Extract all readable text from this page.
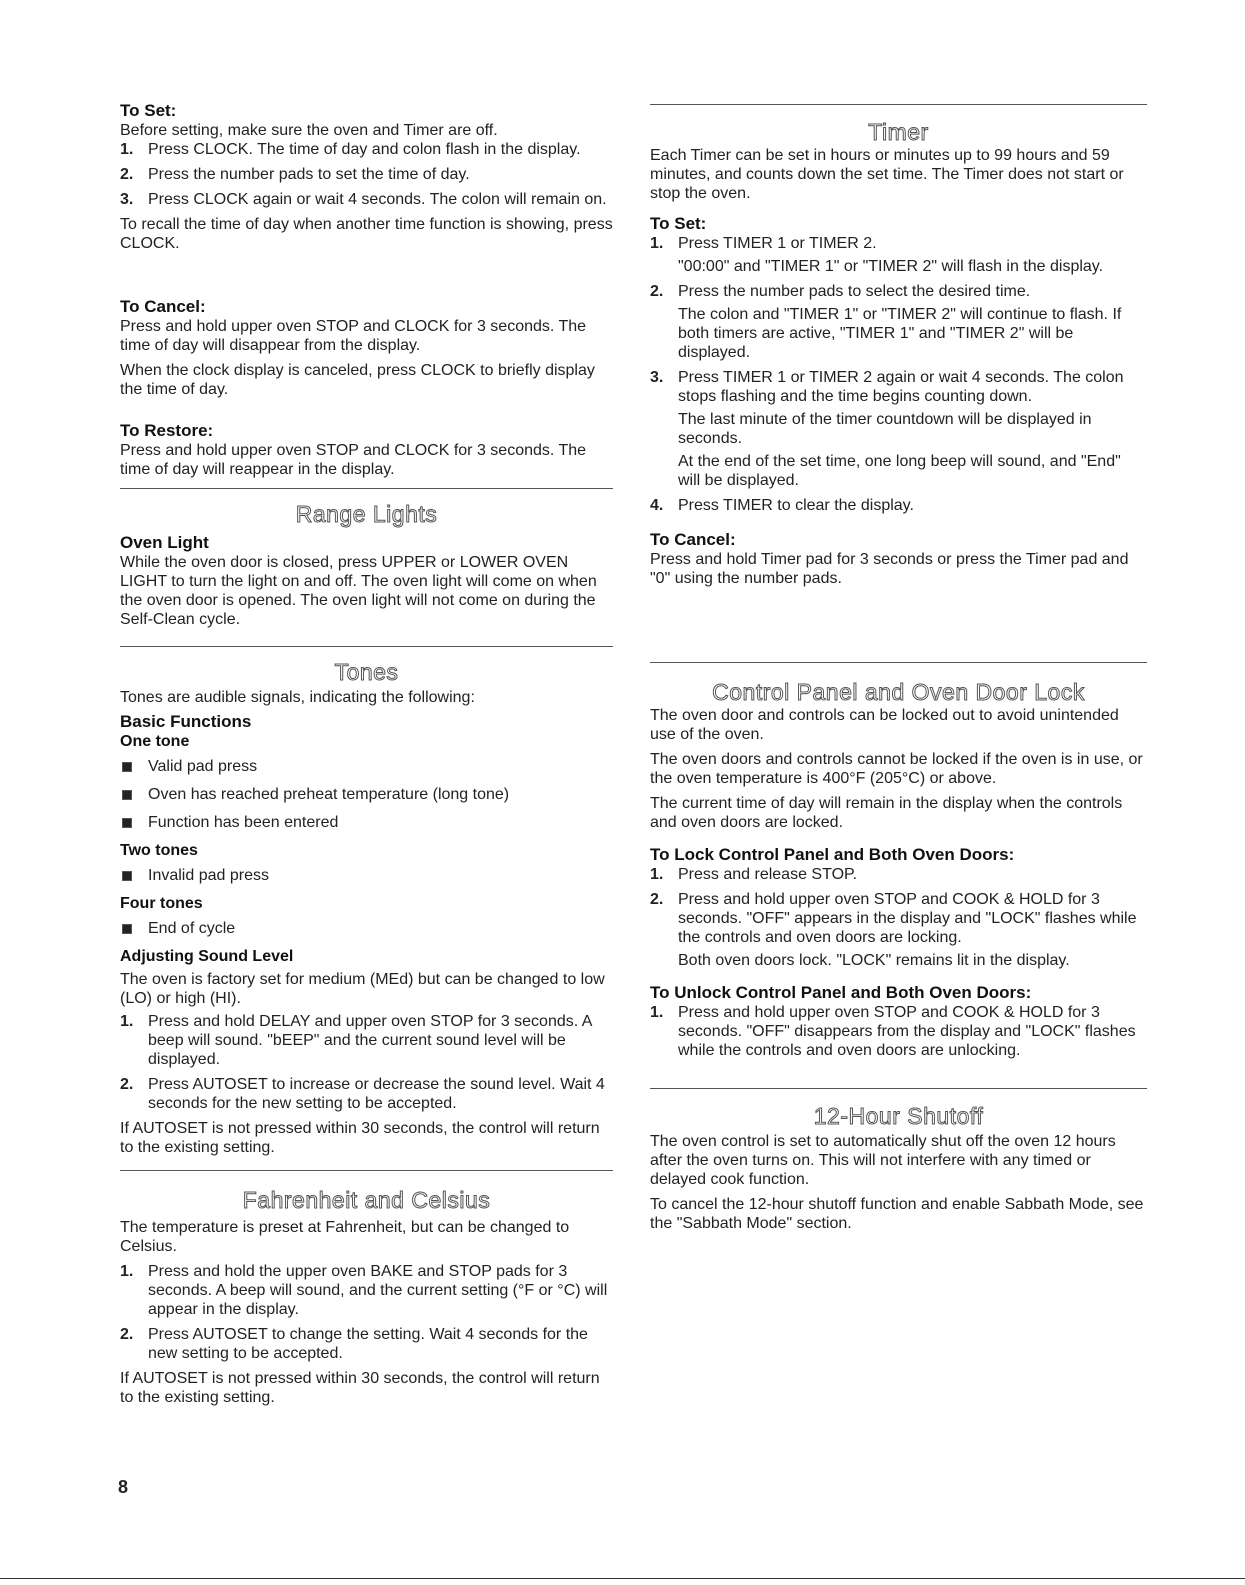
To Set:

Before setting, make sure the oven and Timer are off.

1. Press CLOCK. The time of day and colon flash in the display.
2. Press the number pads to set the time of day.
3. Press CLOCK again or wait 4 seconds. The colon will remain on.

To recall the time of day when another time function is showing, press CLOCK.

To Cancel:

Press and hold upper oven STOP and CLOCK for 3 seconds. The time of day will disappear from the display.

When the clock display is canceled, press CLOCK to briefly display the time of day.

To Restore:

Press and hold upper oven STOP and CLOCK for 3 seconds. The time of day will reappear in the display.

Range Lights
Oven Light

While the oven door is closed, press UPPER or LOWER OVEN LIGHT to turn the light on and off. The oven light will come on when the oven door is opened. The oven light will not come on during the Self-Clean cycle.

Tones

Tones are audible signals, indicating the following:

Basic Functions
One tone
Valid pad press
Oven has reached preheat temperature (long tone)
Function has been entered
Two tones
Invalid pad press
Four tones
End of cycle
Adjusting Sound Level

The oven is factory set for medium (MEd) but can be changed to low (LO) or high (HI).

1. Press and hold DELAY and upper oven STOP for 3 seconds. A beep will sound. "bEEP" and the current sound level will be displayed.
2. Press AUTOSET to increase or decrease the sound level. Wait 4 seconds for the new setting to be accepted.

If AUTOSET is not pressed within 30 seconds, the control will return to the existing setting.

Fahrenheit and Celsius

The temperature is preset at Fahrenheit, but can be changed to Celsius.

1. Press and hold the upper oven BAKE and STOP pads for 3 seconds. A beep will sound, and the current setting (°F or °C) will appear in the display.
2. Press AUTOSET to change the setting. Wait 4 seconds for the new setting to be accepted.

If AUTOSET is not pressed within 30 seconds, the control will return to the existing setting.

Timer

Each Timer can be set in hours or minutes up to 99 hours and 59 minutes, and counts down the set time. The Timer does not start or stop the oven.

To Set:
1. Press TIMER 1 or TIMER 2.
"00:00" and "TIMER 1" or "TIMER 2" will flash in the display.
2. Press the number pads to select the desired time.
The colon and "TIMER 1" or "TIMER 2" will continue to flash. If both timers are active, "TIMER 1" and "TIMER 2" will be displayed.
3. Press TIMER 1 or TIMER 2 again or wait 4 seconds. The colon stops flashing and the time begins counting down.
The last minute of the timer countdown will be displayed in seconds.
At the end of the set time, one long beep will sound, and "End" will be displayed.
4. Press TIMER to clear the display.
To Cancel:

Press and hold Timer pad for 3 seconds or press the Timer pad and "0" using the number pads.

Control Panel and Oven Door Lock

The oven door and controls can be locked out to avoid unintended use of the oven.

The oven doors and controls cannot be locked if the oven is in use, or the oven temperature is 400°F (205°C) or above.

The current time of day will remain in the display when the controls and oven doors are locked.

To Lock Control Panel and Both Oven Doors:
1. Press and release STOP.
2. Press and hold upper oven STOP and COOK & HOLD for 3 seconds. "OFF" appears in the display and "LOCK" flashes while the controls and oven doors are locking.
Both oven doors lock. "LOCK" remains lit in the display.
To Unlock Control Panel and Both Oven Doors:
1. Press and hold upper oven STOP and COOK & HOLD for 3 seconds. "OFF" disappears from the display and "LOCK" flashes while the controls and oven doors are unlocking.
12-Hour Shutoff

The oven control is set to automatically shut off the oven 12 hours after the oven turns on. This will not interfere with any timed or delayed cook function.

To cancel the 12-hour shutoff function and enable Sabbath Mode, see the "Sabbath Mode" section.

8
